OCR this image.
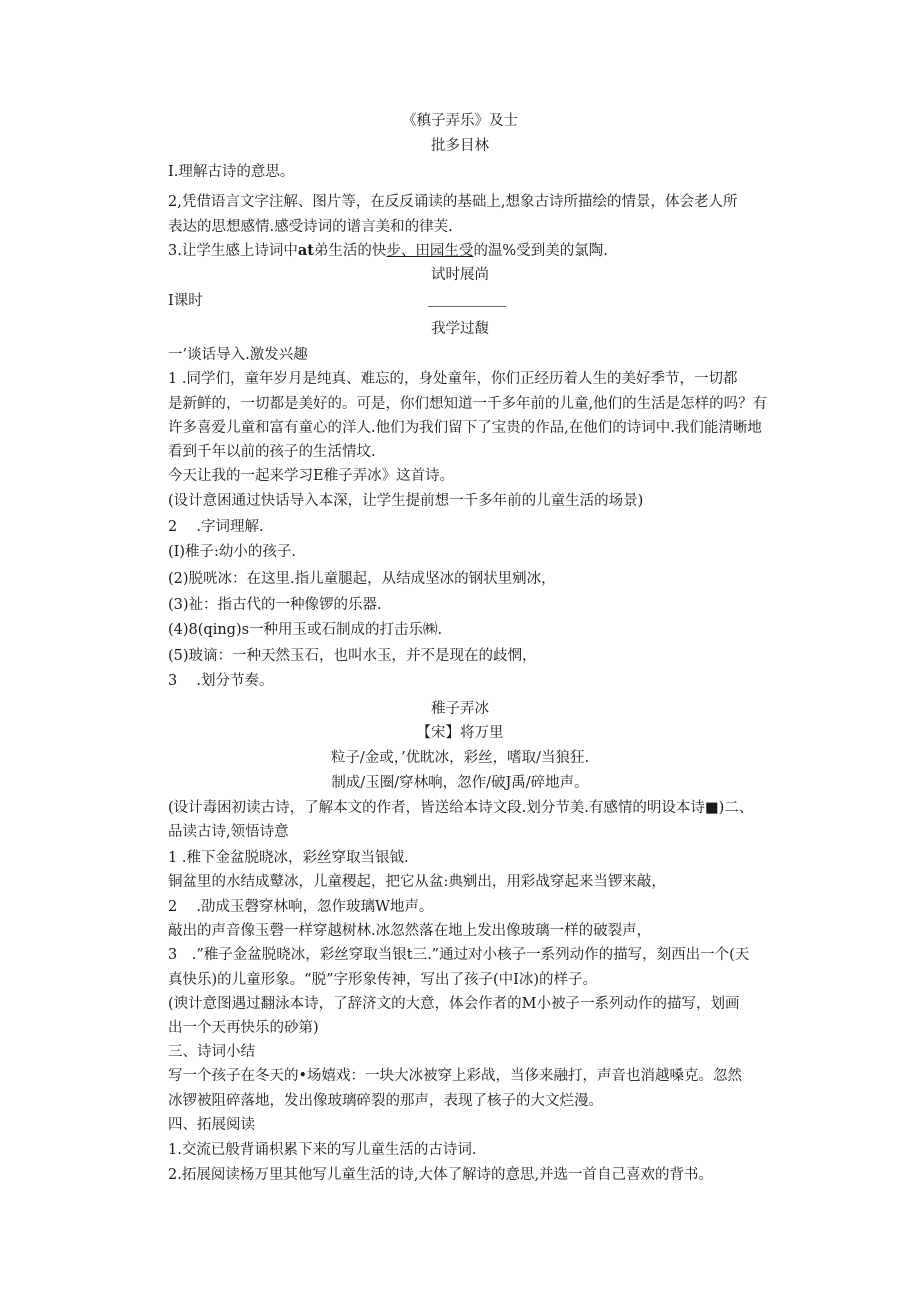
《稹子弄乐》及士
批多目林
I.理解古诗的意思。
2,凭借语言文字注解、图片等，在反反诵读的基础上,想象古诗所描绘的情景，体会老人所
表达的思想感情.感受诗词的谱言美和的律芙.
3.让学生感上诗词中at弟生活的快步、田园生受的温%受到美的氯陶.
试时展尚
I课时
我学过馥
一’谈话导入.激发兴趣
1 .同学们，童年岁月是纯真、难忘的，身处童年，你们正经历着人生的美好季节，一切都
是新鲜的，一切都是美好的。可是，你们想知道一千多年前的儿童,他们的生活是怎样的吗？有
许多喜爱儿童和富有童心的洋人.他们为我们留下了宝贵的作品,在他们的诗词中.我们能清晰地
看到千年以前的孩子的生活情坟.
今天让我的一起来学习E稚子弄冰》这首诗。
(设计意困通过快话导入本深，让学生提前想一千多年前的儿童生活的场景)
2　 .字词理解.
(I)稚子:幼小的孩子.
(2)脱咣冰：在这里.指儿童腿起，从结成坚冰的钢状里剜冰，
(3)祉：指古代的一种像锣的乐器.
(4)8(qing)s一种用玉或石制成的打击乐㈱.
(5)玻谪：一种天然玉石，也叫水玉，并不是现在的歧惘，
3　 .划分节奏。
稚子弄冰
【宋】将万里
粒子/金或，’优眈冰，彩丝，嗜取/当狼狂.
制成/玉圈/穿林响，忽作/破J禹/碎地声。
(设计毒困初读古诗，了解本文的作者，皆送给本诗文段.划分节美.有感情的明设本诗■)二、
品读古诗,领悟诗意
1 .稚下金盆脱晓冰，彩丝穿取当银钺.
铜盆里的水结成鼙冰，儿童稷起，把它从盆:典剜出，用彩战穿起来当锣来敲，
2　 .劭成玉磬穿林响，忽作玻璃W地声。
敲出的声音像玉磬一样穿越树林.冰忽然落在地上发出像玻璃一样的破裂声，
3　.”稚子金盆脱晓冰，彩丝穿取当银t三.”通过对小核子一系列动作的描写，刻西出一个(天
真快乐)的儿童形象。“脱”字形象传神，写出了孩子(中I冰)的样子。
(谀计意图遇过翻泳本诗，了辞济文的大意，体会作者的M小被子一系列动作的描写，划画
出一个天再快乐的砂第)
三、诗词小结
写一个孩子在冬天的•场嬉戏：一块大冰被穿上彩战，当侈来融打，声音也消越嗓克。忽然
冰锣被阻碎落地，发出像玻璃碎裂的那声，表现了核子的大文烂漫。
四、拓展阅读
1.交流已般背诵枳累下来的写儿童生活的古诗词.
2.拓展阅读杨万里其他写儿童生活的诗,大体了解诗的意思,并选一首自己喜欢的背书。
